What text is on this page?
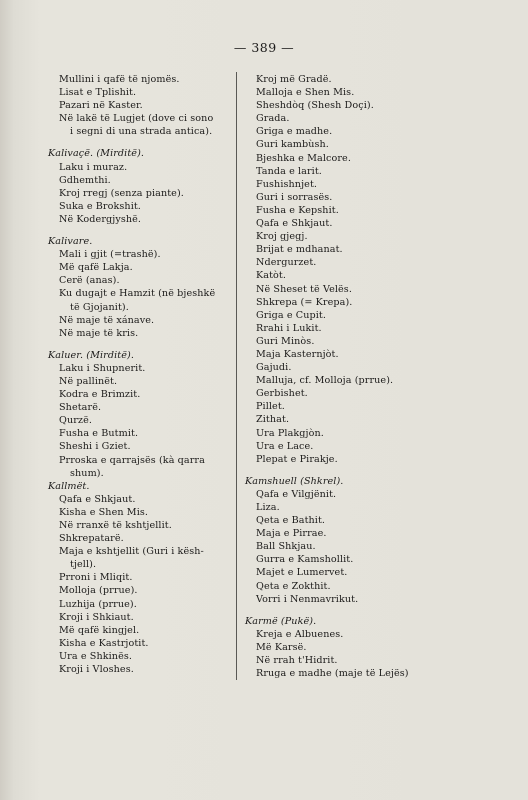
— 389 —
Mullini i qafë të njomës.
Lisat e Tplishit.
Pazari në Kaster.
Në lakë të Lugjet (dove ci sono
i segni di una strada antica).
Kalivaçë. (Mirditë).
Laku i muraz.
Gdhemthi.
Kroj rregj (senza piante).
Suka e Brokshit.
Në Kodergjyshë.
Kalivare.
Mali i gjit (=trashë).
Më qafë Lakja.
Cerë (anas).
Ku dugajt e Hamzit (në bjeshkë
të Gjojanit).
Në maje të xánave.
Në maje të kris.
Kaluer. (Mirditë).
Laku i Shupnerit.
Në pallinët.
Kodra e Brimzit.
Shetarë.
Qurzë.
Fusha e Butmit.
Sheshi i Gziet.
Prroska e qarrajsës (kà qarra
shum).
Kallmët.
Qafa e Shkjaut.
Kisha e Shen Mis.
Në rranxë të kshtjellit.
Shkrepatarë.
Maja e kshtjellit (Guri i kësh-
tjell).
Prroni i Mliqit.
Molloja (prrue).
Luzhija (prrue).
Kroji i Shkiaut.
Më qafë kingjel.
Kisha e Kastrjotit.
Ura e Shkinës.
Kroji i Vloshes.
Kroj më Gradë.
Malloja e Shen Mis.
Sheshdòq (Shesh Doçi).
Grada.
Griga e madhe.
Guri kambùsh.
Bjeshka e Malcore.
Tanda e larit.
Fushishnjet.
Guri i sorrasës.
Fusha e Kepshit.
Qafa e Shkjaut.
Kroj gjegj.
Brijat e mdhanat.
Ndergurzet.
Katòt.
Në Sheset të Velës.
Shkrepa (= Krepa).
Griga e Cupit.
Rrahi i Lukit.
Guri Minòs.
Maja Kasternjòt.
Gajudi.
Malluja, cf. Molloja (prrue).
Gerbishet.
Pillet.
Zithat.
Ura Plakgjòn.
Ura e Lace.
Plepat e Pirakje.
Kamshuell (Shkrel).
Qafa e Vilgjënit.
Liza.
Qeta e Bathit.
Maja e Pirrae.
Ball Shkjau.
Gurra e Kamshollit.
Majet e Lumervet.
Qeta e Zokthit.
Vorri i Nenmavrikut.
Karmë (Pukë).
Kreja e Albuenes.
Më Karsë.
Në rrah t'Hidrit.
Rruga e madhe (maje të Lejës)
